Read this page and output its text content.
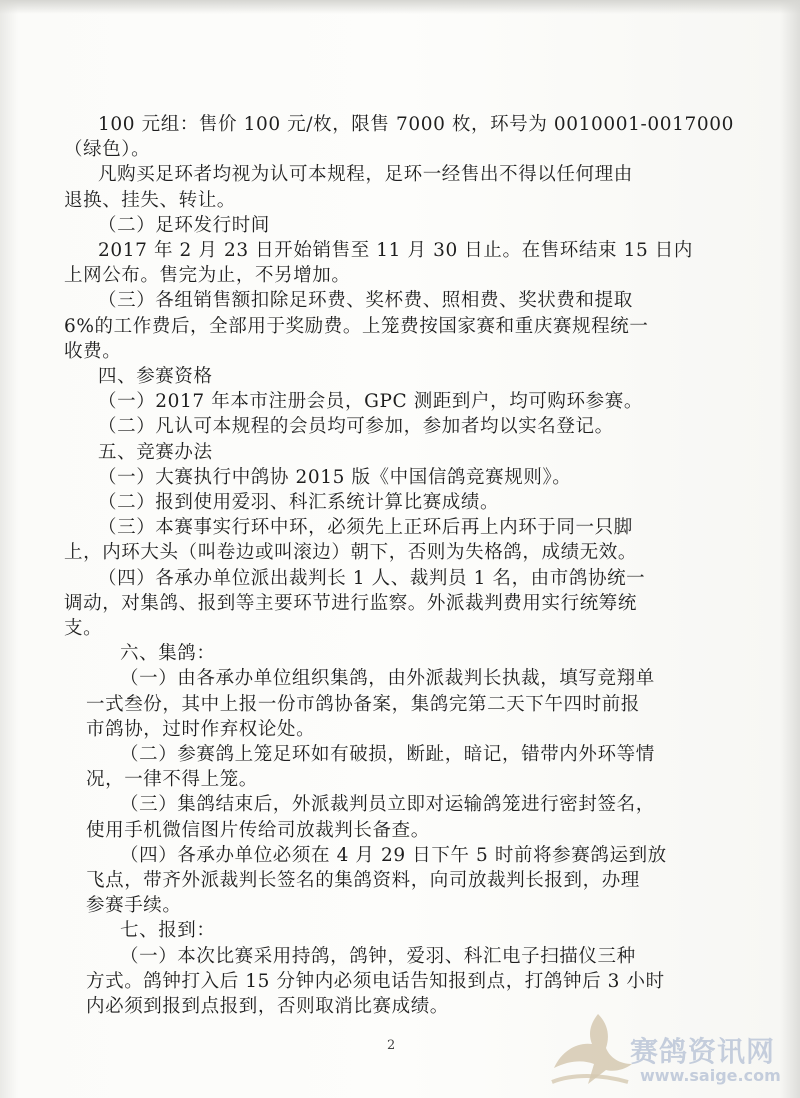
100 元组：售价 100 元/枚，限售 7000 枚，环号为 0010001-0017000
（绿色）。
凡购买足环者均视为认可本规程，足环一经售出不得以任何理由
退换、挂失、转让。
（二）足环发行时间
2017 年 2 月 23 日开始销售至 11 月 30 日止。在售环结束 15 日内
上网公布。售完为止，不另增加。
（三）各组销售额扣除足环费、奖杯费、照相费、奖状费和提取
6%的工作费后，全部用于奖励费。上笼费按国家赛和重庆赛规程统一
收费。
四、参赛资格
（一）2017 年本市注册会员，GPC 测距到户，均可购环参赛。
（二）凡认可本规程的会员均可参加，参加者均以实名登记。
五、竞赛办法
（一）大赛执行中鸽协 2015 版《中国信鸽竞赛规则》。
（二）报到使用爱羽、科汇系统计算比赛成绩。
（三）本赛事实行环中环，必须先上正环后再上内环于同一只脚
上，内环大头（叫卷边或叫滚边）朝下，否则为失格鸽，成绩无效。
（四）各承办单位派出裁判长 1 人、裁判员 1 名，由市鸽协统一
调动，对集鸽、报到等主要环节进行监察。外派裁判费用实行统筹统
支。
六、集鸽：
（一）由各承办单位组织集鸽，由外派裁判长执裁，填写竞翔单
一式叁份，其中上报一份市鸽协备案，集鸽完第二天下午四时前报
市鸽协，过时作弃权论处。
（二）参赛鸽上笼足环如有破损，断趾，暗记，错带内外环等情
况，一律不得上笼。
（三）集鸽结束后，外派裁判员立即对运输鸽笼进行密封签名，
使用手机微信图片传给司放裁判长备查。
2	赛鸽资讯网
www.saige.com
（四）各承办单位必须在 4 月 29 日下午 5 时前将参赛鸽运到放
飞点，带齐外派裁判长签名的集鸽资料，向司放裁判长报到，办理
参赛手续。
七、报到：
（一）本次比赛采用持鸽，鸽钟，爱羽、科汇电子扫描仪三种
方式。鸽钟打入后 15 分钟内必须电话告知报到点，打鸽钟后 3 小时
内必须到报到点报到，否则取消比赛成绩。
